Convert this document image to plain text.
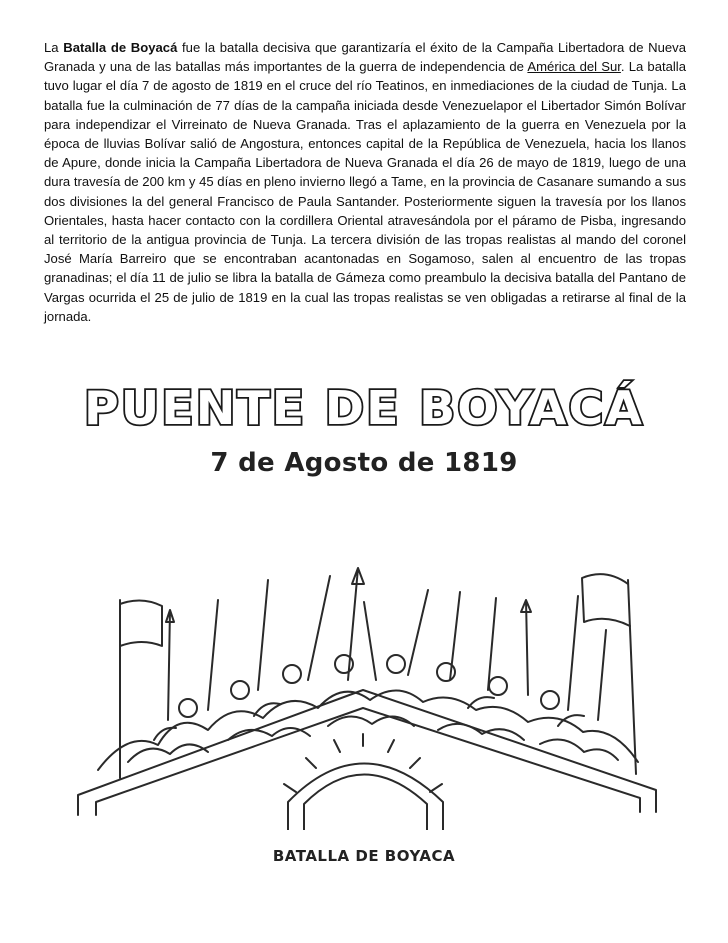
La Batalla de Boyacá fue la batalla decisiva que garantizaría el éxito de la Campaña Libertadora de Nueva Granada y una de las batallas más importantes de la guerra de independencia de América del Sur. La batalla tuvo lugar el día 7 de agosto de 1819 en el cruce del río Teatinos, en inmediaciones de la ciudad de Tunja. La batalla fue la culminación de 77 días de la campaña iniciada desde Venezuelapor el Libertador Simón Bolívar para independizar el Virreinato de Nueva Granada. Tras el aplazamiento de la guerra en Venezuela por la época de lluvias Bolívar salió de Angostura, entonces capital de la República de Venezuela, hacia los llanos de Apure, donde inicia la Campaña Libertadora de Nueva Granada el día 26 de mayo de 1819, luego de una dura travesía de 200 km y 45 días en pleno invierno llegó a Tame, en la provincia de Casanare sumando a sus dos divisiones la del general Francisco de Paula Santander. Posteriormente siguen la travesía por los llanos Orientales, hasta hacer contacto con la cordillera Oriental atravesándola por el páramo de Pisba, ingresando al territorio de la antigua provincia de Tunja. La tercera división de las tropas realistas al mando del coronel José María Barreiro que se encontraban acantonadas en Sogamoso, salen al encuentro de las tropas granadinas; el día 11 de julio se libra la batalla de Gámeza como preambulo la decisiva batalla del Pantano de Vargas ocurrida el 25 de julio de 1819 en la cual las tropas realistas se ven obligadas a retirarse al final de la jornada.

PUENTE DE BOYACÁ
7 de Agosto de 1819
BATALLA DE BOYACA
